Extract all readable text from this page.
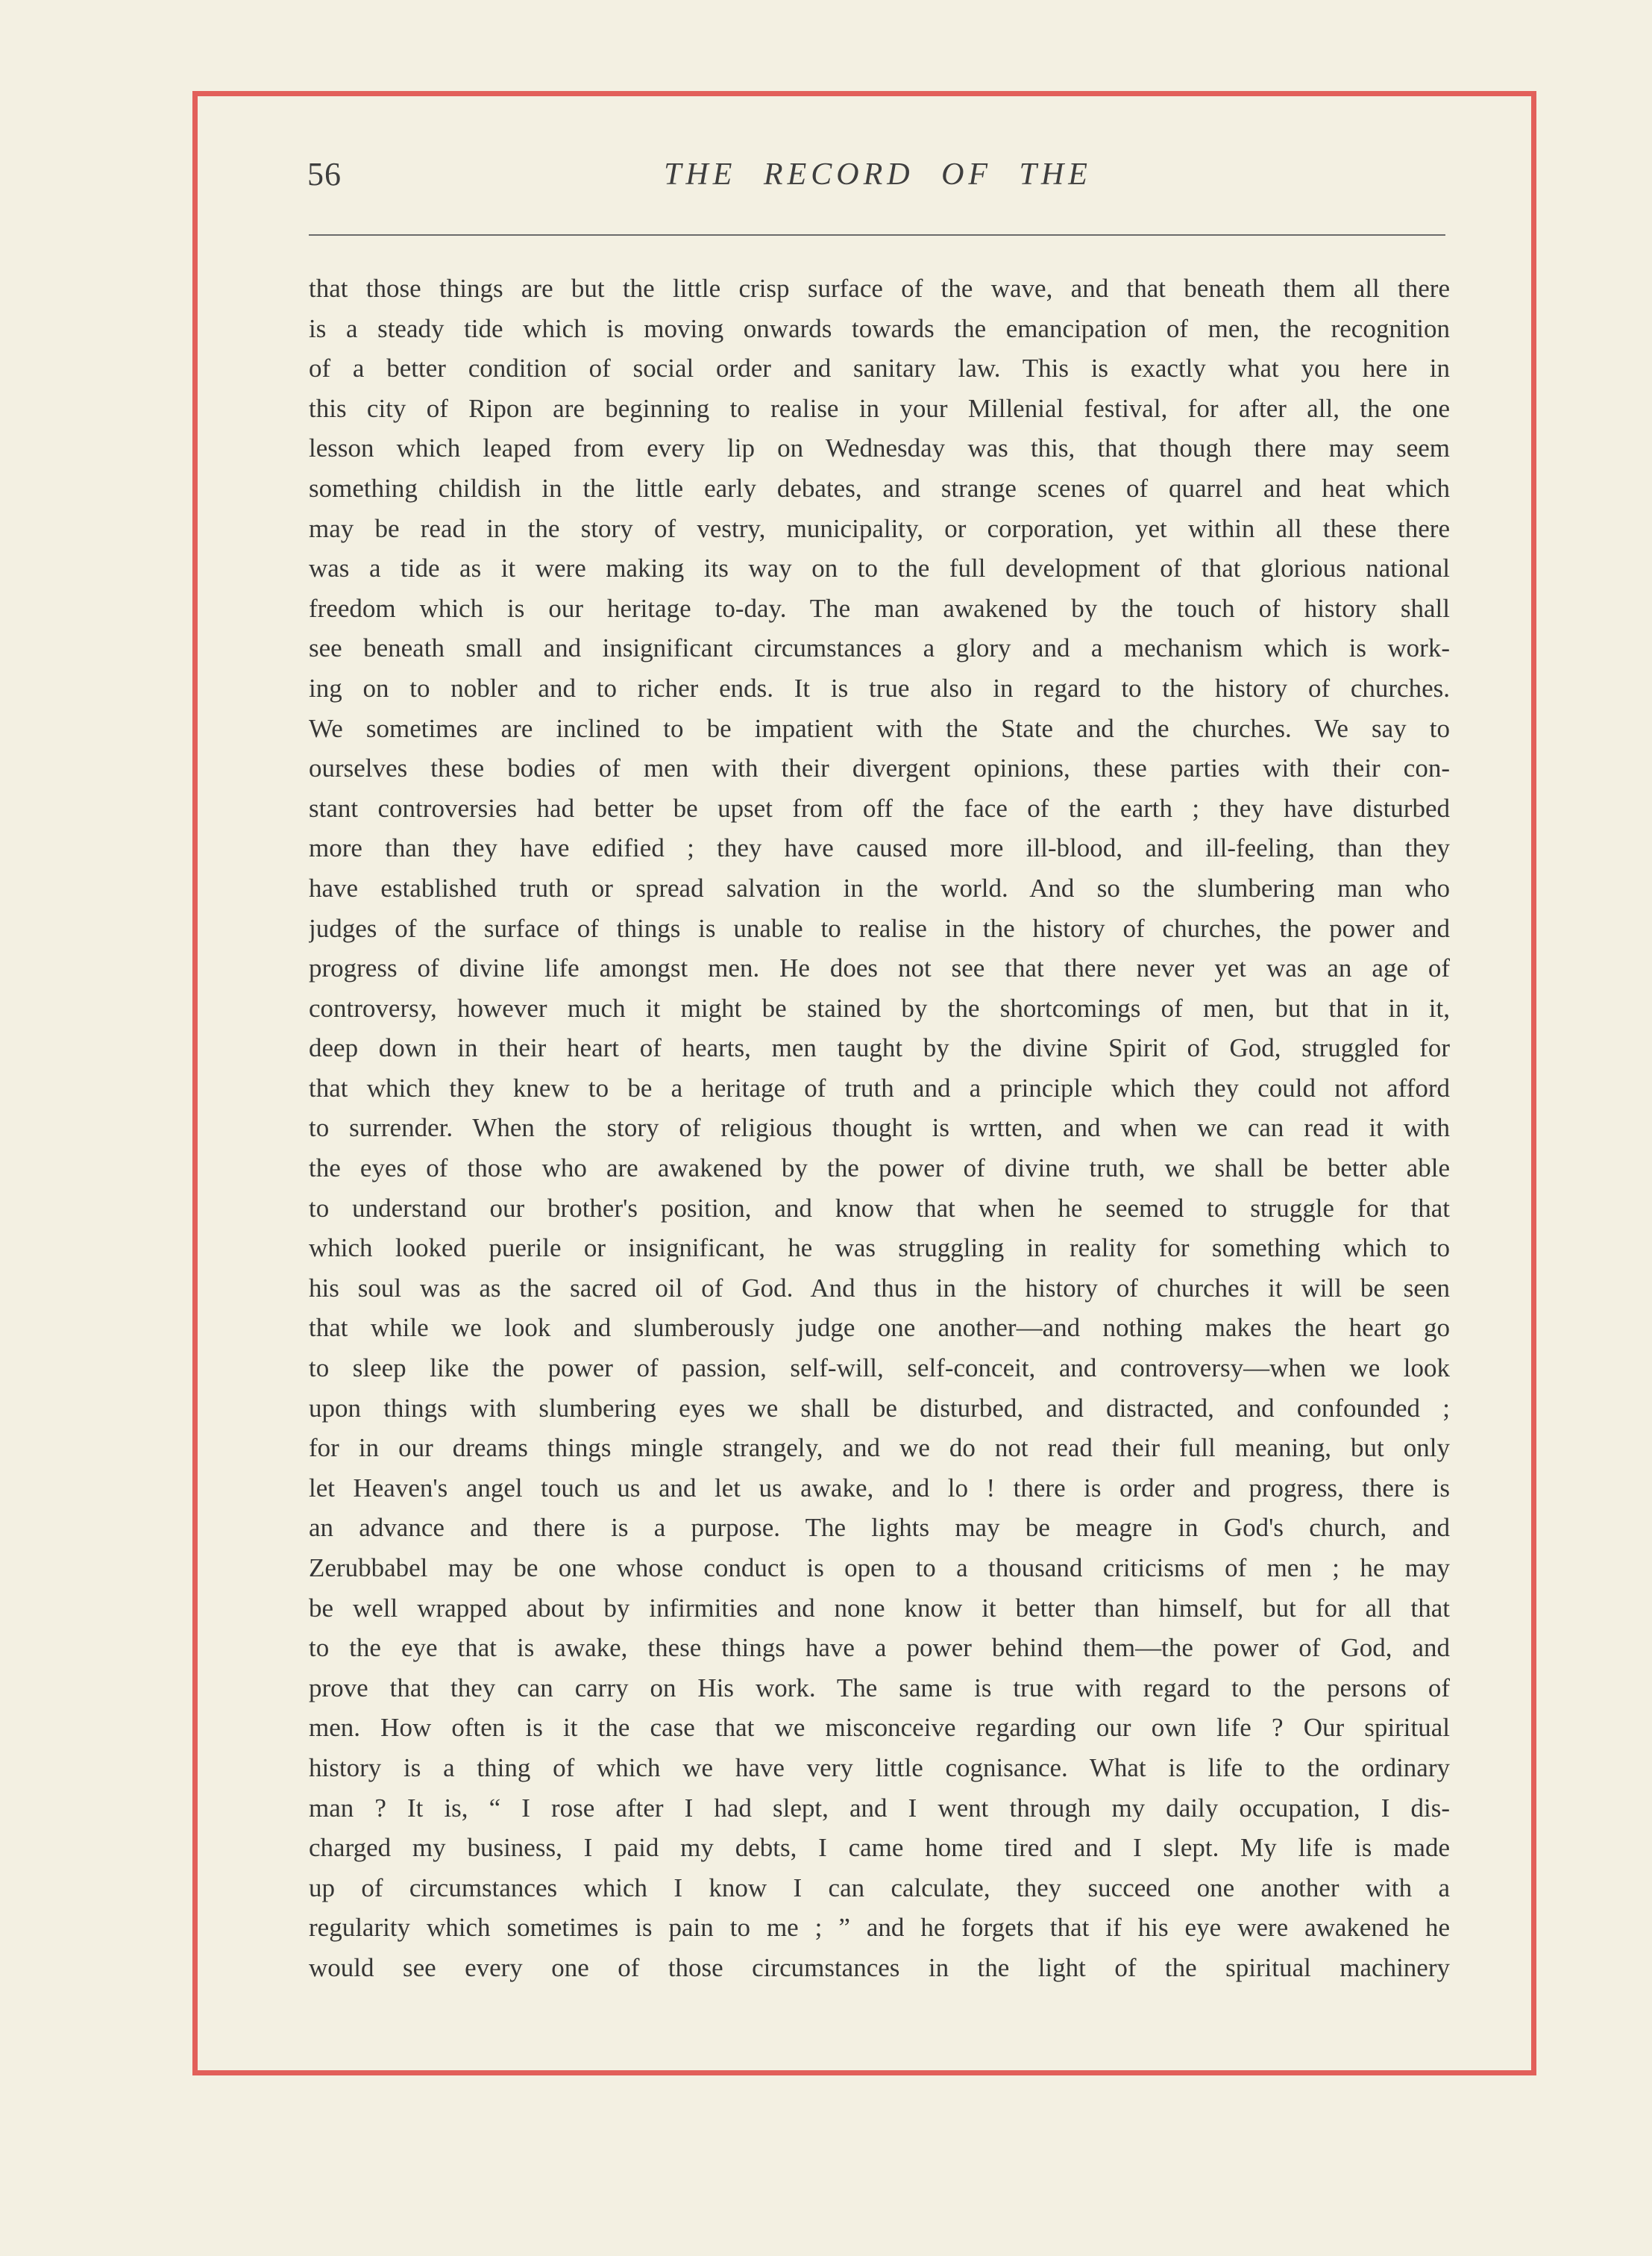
56	THE RECORD OF THE
that those things are but the little crisp surface of the wave, and that beneath them all there
is a steady tide which is moving onwards towards the emancipation of men, the recognition
of a better condition of social order and sanitary law. This is exactly what you here in
this city of Ripon are beginning to realise in your Millenial festival, for after all, the one
lesson which leaped from every lip on Wednesday was this, that though there may seem
something childish in the little early debates, and strange scenes of quarrel and heat which
may be read in the story of vestry, municipality, or corporation, yet within all these there
was a tide as it were making its way on to the full development of that glorious national
freedom which is our heritage to-day. The man awakened by the touch of history shall
see beneath small and insignificant circumstances a glory and a mechanism which is work-
ing on to nobler and to richer ends. It is true also in regard to the history of churches.
We sometimes are inclined to be impatient with the State and the churches. We say to
ourselves these bodies of men with their divergent opinions, these parties with their con-
stant controversies had better be upset from off the face of the earth ; they have disturbed
more than they have edified ; they have caused more ill-blood, and ill-feeling, than they
have established truth or spread salvation in the world. And so the slumbering man who
judges of the surface of things is unable to realise in the history of churches, the power and
progress of divine life amongst men. He does not see that there never yet was an age of
controversy, however much it might be stained by the shortcomings of men, but that in it,
deep down in their heart of hearts, men taught by the divine Spirit of God, struggled for
that which they knew to be a heritage of truth and a principle which they could not afford
to surrender. When the story of religious thought is wrtten, and when we can read it with
the eyes of those who are awakened by the power of divine truth, we shall be better able
to understand our brother's position, and know that when he seemed to struggle for that
which looked puerile or insignificant, he was struggling in reality for something which to
his soul was as the sacred oil of God. And thus in the history of churches it will be seen
that while we look and slumberously judge one another—and nothing makes the heart go
to sleep like the power of passion, self-will, self-conceit, and controversy—when we look
upon things with slumbering eyes we shall be disturbed, and distracted, and confounded ;
for in our dreams things mingle strangely, and we do not read their full meaning, but only
let Heaven's angel touch us and let us awake, and lo ! there is order and progress, there is
an advance and there is a purpose. The lights may be meagre in God's church, and
Zerubbabel may be one whose conduct is open to a thousand criticisms of men ; he may
be well wrapped about by infirmities and none know it better than himself, but for all that
to the eye that is awake, these things have a power behind them—the power of God, and
prove that they can carry on His work. The same is true with regard to the persons of
men. How often is it the case that we misconceive regarding our own life ? Our spiritual
history is a thing of which we have very little cognisance. What is life to the ordinary
man ? It is, “ I rose after I had slept, and I went through my daily occupation, I dis-
charged my business, I paid my debts, I came home tired and I slept. My life is made
up of circumstances which I know I can calculate, they succeed one another with a
regularity which sometimes is pain to me ; ” and he forgets that if his eye were awakened he
would see every one of those circumstances in the light of the spiritual machinery
